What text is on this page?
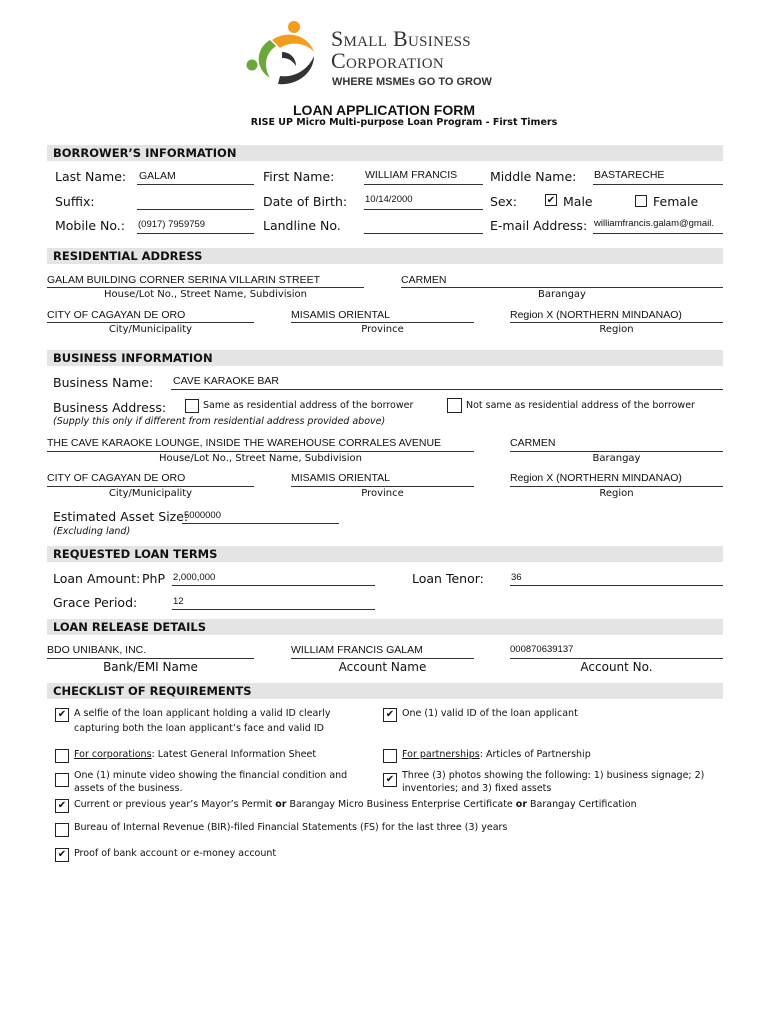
Small Business
Corporation
WHERE MSMEs GO TO GROW
LOAN APPLICATION FORM
RISE UP Micro Multi-purpose Loan Program - First Timers
BORROWER’S INFORMATION
Last Name: GALAM	First Name:	WILLIAM FRANCIS	Middle Name: BASTARECHE
Suffix:	Date of Birth: 10/14/2000	Sex:	✔ Male	Female
Mobile No.: (0917) 7959759	Landline No.	E-mail Address: williamfrancis.galam@gmail.
RESIDENTIAL ADDRESS
GALAM BUILDING CORNER SERINA VILLARIN STREET
House/Lot No., Street Name, Subdivision
CARMEN
Barangay
CITY OF CAGAYAN DE ORO
City/Municipality
MISAMIS ORIENTAL
Province
Region X (NORTHERN MINDANAO)
Region
BUSINESS INFORMATION
Business Name: CAVE KARAOKE BAR
Business Address:	Same as residential address of the borrower	Not same as residential address of the borrower
(Supply this only if different from residential address provided above)
THE CAVE KARAOKE LOUNGE, INSIDE THE WAREHOUSE CORRALES AVENUE
House/Lot No., Street Name, Subdivision
CARMEN
Barangay
CITY OF CAGAYAN DE ORO
City/Municipality
MISAMIS ORIENTAL
Province
Region X (NORTHERN MINDANAO)
Region
Estimated Asset Size:
5000000
(Excluding land)
REQUESTED LOAN TERMS
Loan Amount: PhP 2,000,000	Loan Tenor:	36
Grace Period:	12
LOAN RELEASE DETAILS
BDO UNIBANK, INC.
Bank/EMI Name
WILLIAM FRANCIS GALAM
Account Name
000870639137
Account No.
CHECKLIST OF REQUIREMENTS
✔ A selfie of the loan applicant holding a valid ID clearly capturing both the loan applicant’s face and valid ID
✔ One (1) valid ID of the loan applicant
For corporations: Latest General Information Sheet	For partnerships: Articles of Partnership
One (1) minute video showing the financial condition and assets of the business.
✔ Three (3) photos showing the following: 1) business signage; 2) inventories; and 3) fixed assets
✔ Current or previous year’s Mayor’s Permit or Barangay Micro Business Enterprise Certificate or Barangay Certification
Bureau of Internal Revenue (BIR)-filed Financial Statements (FS) for the last three (3) years
✔ Proof of bank account or e-money account
